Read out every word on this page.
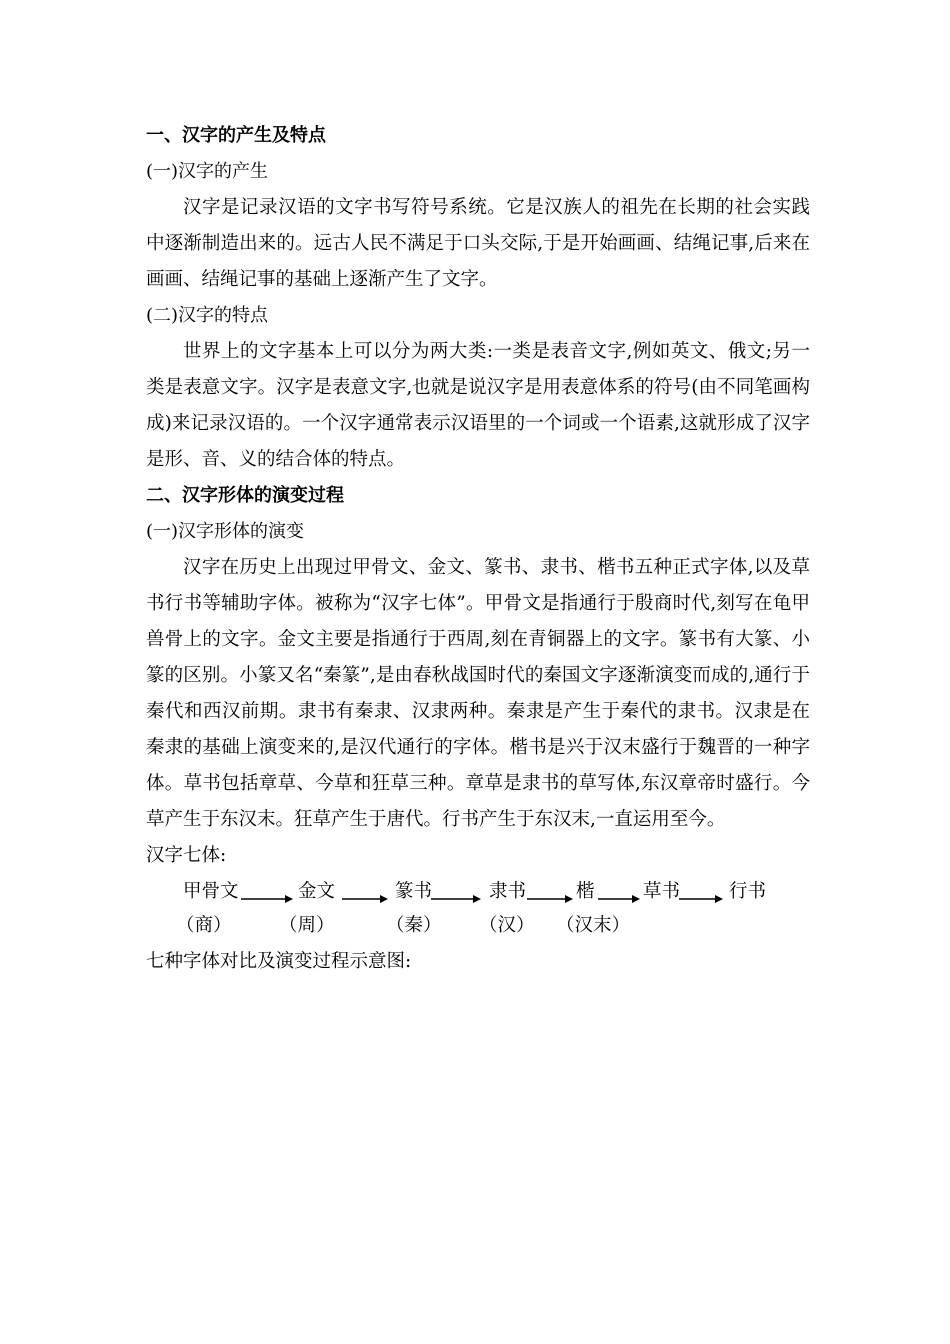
一、汉字的产生及特点
(一)汉字的产生
汉字是记录汉语的文字书写符号系统。它是汉族人的祖先在长期的社会实践中逐渐制造出来的。远古人民不满足于口头交际,于是开始画画、结绳记事,后来在画画、结绳记事的基础上逐渐产生了文字。
(二)汉字的特点
世界上的文字基本上可以分为两大类:一类是表音文字,例如英文、俄文;另一类是表意文字。汉字是表意文字,也就是说汉字是用表意体系的符号(由不同笔画构成)来记录汉语的。一个汉字通常表示汉语里的一个词或一个语素,这就形成了汉字是形、音、义的结合体的特点。
二、汉字形体的演变过程
(一)汉字形体的演变
汉字在历史上出现过甲骨文、金文、篆书、隶书、楷书五种正式字体,以及草书行书等辅助字体。被称为“汉字七体”。甲骨文是指通行于殷商时代,刻写在龟甲兽骨上的文字。金文主要是指通行于西周,刻在青铜器上的文字。篆书有大篆、小篆的区别。小篆又名“秦篆”,是由春秋战国时代的秦国文字逐渐演变而成的,通行于秦代和西汉前期。隶书有秦隶、汉隶两种。秦隶是产生于秦代的隶书。汉隶是在秦隶的基础上演变来的,是汉代通行的字体。楷书是兴于汉末盛行于魏晋的一种字体。草书包括章草、今草和狂草三种。章草是隶书的草写体,东汉章帝时盛行。今草产生于东汉末。狂草产生于唐代。行书产生于东汉末,一直运用至今。
汉字七体:
甲骨文	金文	篆书	隶书	楷	草书	行书
（商）	（周）	（秦） （汉） （汉末）
七种字体对比及演变过程示意图:
